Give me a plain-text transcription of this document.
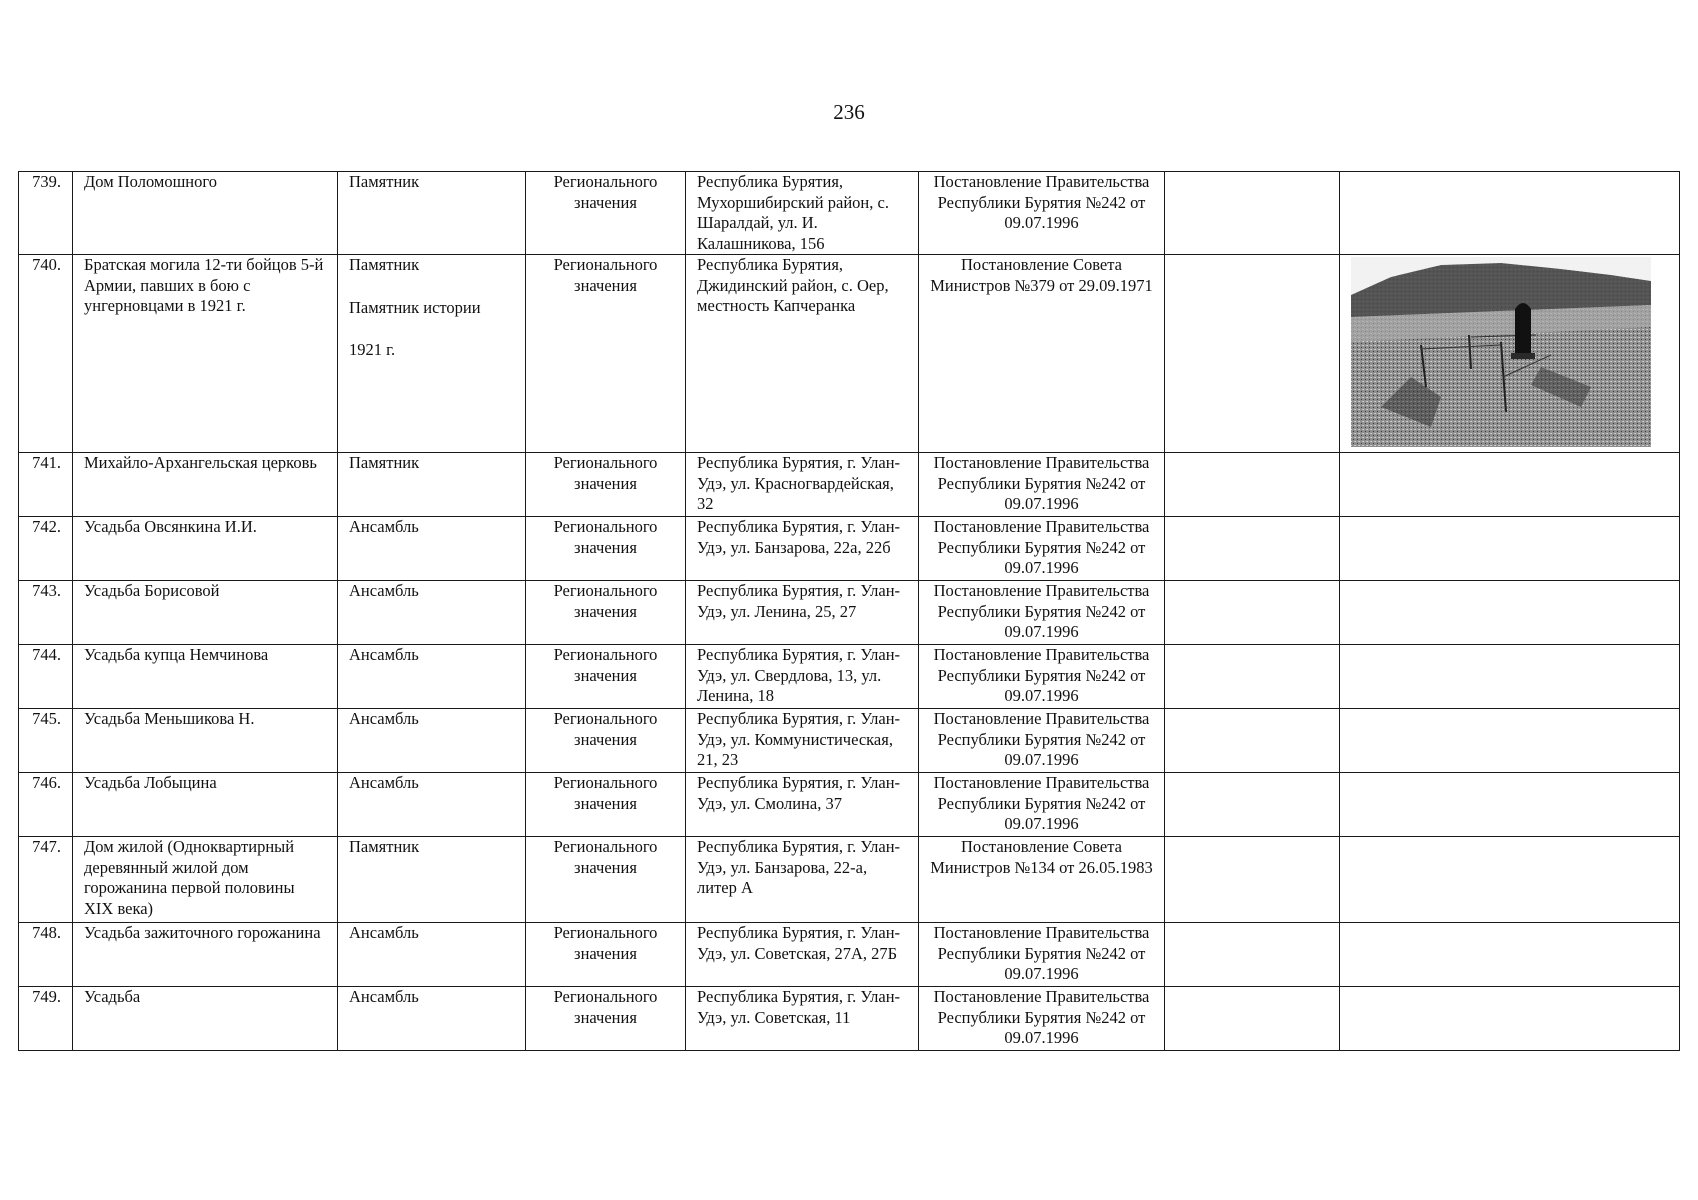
236
739.	Дом Поломошного	Памятник	Регионального значения	Республика Бурятия, Мухоршибирский район, с. Шаралдай, ул. И. Калашникова, 156	Постановление Правительства Республики Бурятия №242 от 09.07.1996		
740.	Братская могила 12-ти бойцов 5-й Армии, павших в бою с унгерновцами в 1921 г.	Памятник
Памятник истории
1921 г.	Регионального значения	Республика Бурятия, Джидинский район, с. Оер, местность Капчеранка	Постановление Совета Министров №379 от 29.09.1971		

741.	Михайло-Архангельская церковь	Памятник	Регионального значения	Республика Бурятия, г. Улан-Удэ, ул. Красногвардейская, 32	Постановление Правительства Республики Бурятия №242 от 09.07.1996		
742.	Усадьба Овсянкина И.И.	Ансамбль	Регионального значения	Республика Бурятия, г. Улан-Удэ, ул. Банзарова, 22а, 22б	Постановление Правительства Республики Бурятия №242 от 09.07.1996		
743.	Усадьба Борисовой	Ансамбль	Регионального значения	Республика Бурятия, г. Улан-Удэ, ул. Ленина, 25, 27	Постановление Правительства Республики Бурятия №242 от 09.07.1996		
744.	Усадьба купца Немчинова	Ансамбль	Регионального значения	Республика Бурятия, г. Улан-Удэ, ул. Свердлова, 13, ул. Ленина, 18	Постановление Правительства Республики Бурятия №242 от 09.07.1996		
745.	Усадьба Меньшикова Н.	Ансамбль	Регионального значения	Республика Бурятия, г. Улан-Удэ, ул. Коммунистическая, 21, 23	Постановление Правительства Республики Бурятия №242 от 09.07.1996		
746.	Усадьба Лобыцина	Ансамбль	Регионального значения	Республика Бурятия, г. Улан-Удэ, ул. Смолина, 37	Постановление Правительства Республики Бурятия №242 от 09.07.1996		
747.	Дом жилой (Одноквартирный деревянный жилой дом горожанина первой половины XIX века)	Памятник	Регионального значения	Республика Бурятия, г. Улан-Удэ, ул. Банзарова, 22-а, литер А	Постановление Совета Министров №134 от 26.05.1983		
748.	Усадьба зажиточного горожанина	Ансамбль	Регионального значения	Республика Бурятия, г. Улан-Удэ, ул. Советская, 27А, 27Б	Постановление Правительства Республики Бурятия №242 от 09.07.1996		
749.	Усадьба	Ансамбль	Регионального значения	Республика Бурятия, г. Улан-Удэ, ул. Советская, 11	Постановление Правительства Республики Бурятия №242 от 09.07.1996		
